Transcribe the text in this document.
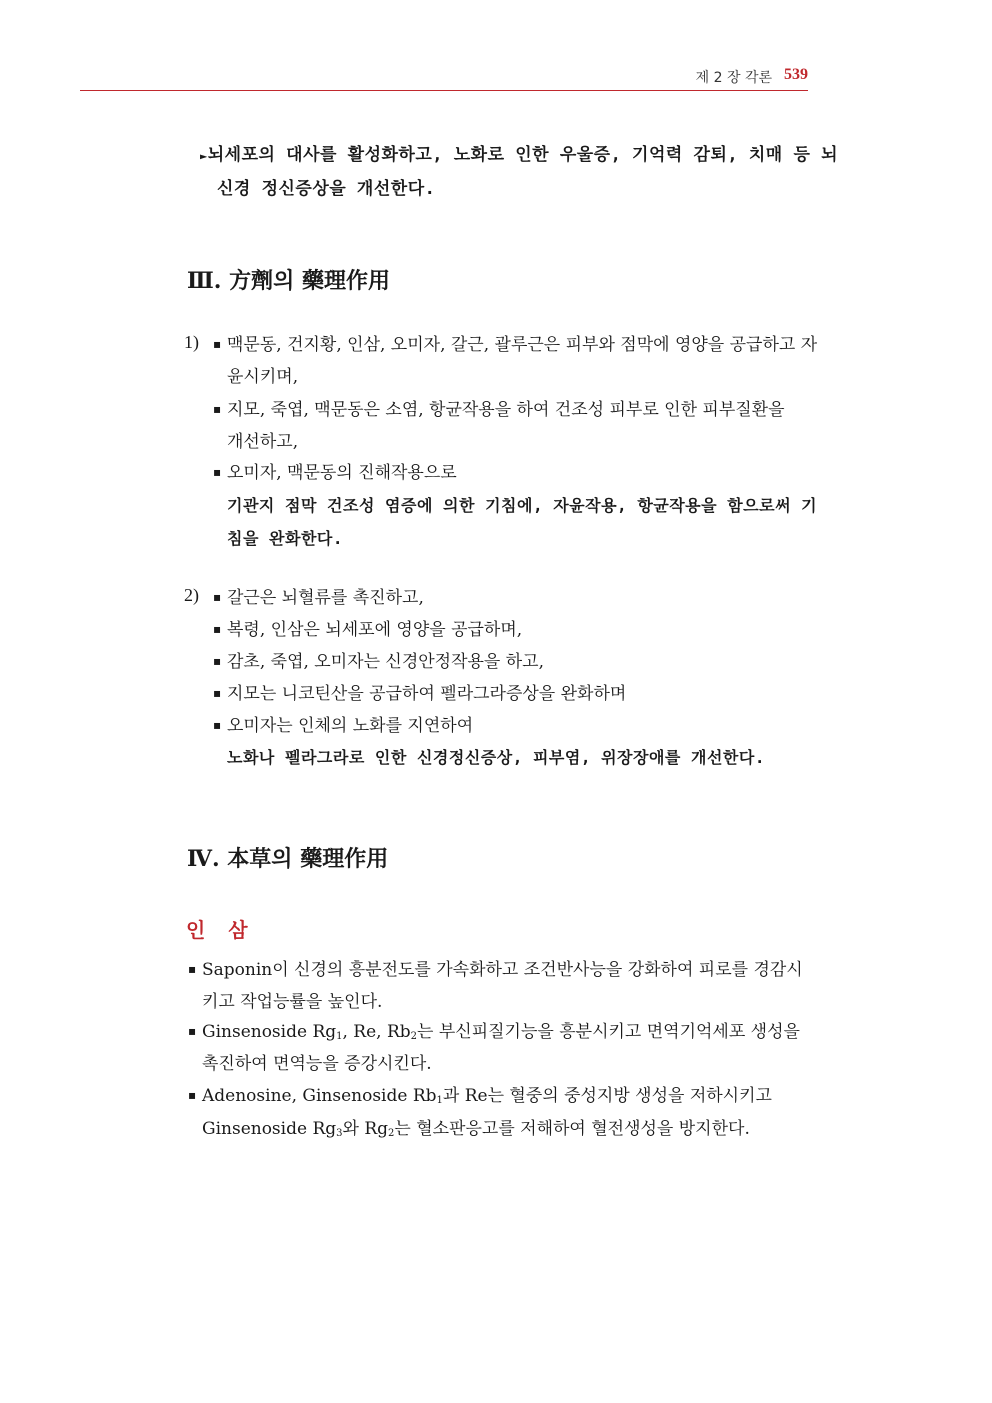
제 2 장 각론 539
►뇌세포의 대사를 활성화하고, 노화로 인한 우울증, 기억력 감퇴, 치매 등 뇌
신경 정신증상을 개선한다.
Ⅲ. 方劑의 藥理作用
1) ▪ 맥문동, 건지황, 인삼, 오미자, 갈근, 괄루근은 피부와 점막에 영양을 공급하고 자
윤시키며,
▪ 지모, 죽엽, 맥문동은 소염, 항균작용을 하여 건조성 피부로 인한 피부질환을
개선하고,
▪ 오미자, 맥문동의 진해작용으로
기관지 점막 건조성 염증에 의한 기침에, 자윤작용, 항균작용을 함으로써 기
침을 완화한다.
2) ▪ 갈근은 뇌혈류를 촉진하고,
▪ 복령, 인삼은 뇌세포에 영양을 공급하며,
▪ 감초, 죽엽, 오미자는 신경안정작용을 하고,
▪ 지모는 니코틴산을 공급하여 펠라그라증상을 완화하며
▪ 오미자는 인체의 노화를 지연하여
노화나 펠라그라로 인한 신경정신증상, 피부염, 위장장애를 개선한다.
Ⅳ. 本草의 藥理作用
인 삼
▪ Saponin이 신경의 흥분전도를 가속화하고 조건반사능을 강화하여 피로를 경감시
키고 작업능률을 높인다.
▪ Ginsenoside $Rg_1$, Re, $Rb_2$는 부신피질기능을 흥분시키고 면역기억세포 생성을
촉진하여 면역능을 증강시킨다.
▪ Adenosine, Ginsenoside $Rb_1$과 Re는 혈중의 중성지방 생성을 저하시키고
Ginsenoside $Rg_3$와 $Rg_2$는 혈소판응고를 저해하여 혈전생성을 방지한다.
